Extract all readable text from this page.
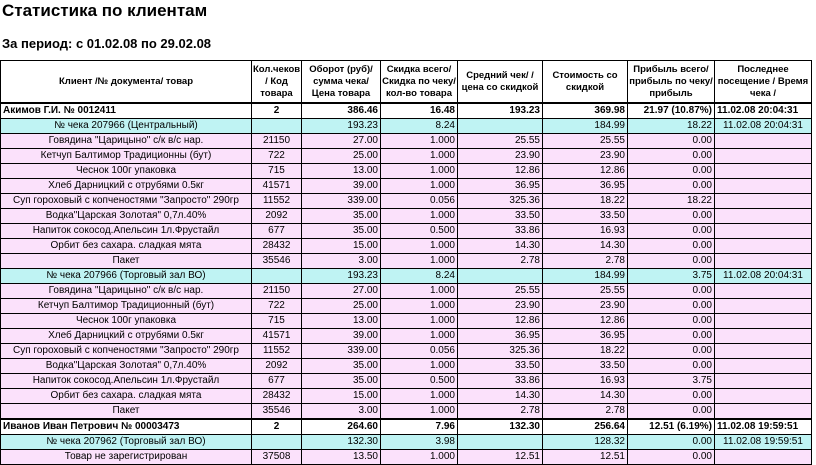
Статистика по клиентам
За период: с 01.02.08 по 29.02.08
Клиент /№ документа/ товар	Кол.чеков / Код товара	Оборот (руб)/ сумма чека/ Цена товара	Скидка всего/ Скидка по чеку/ кол-во товара	Средний чек/ / цена со скидкой	Стоимость со скидкой	Прибыль всего/ прибыль по чеку/ прибыль	Последнее посещение / Время чека /
Акимов Г.И. № 0012411	2	386.46	16.48	193.23	369.98	21.97 (10.87%)	11.02.08 20:04:31
№ чека 207966 (Центральный)		193.23	8.24		184.99	18.22	11.02.08 20:04:31
Говядина "Царицыно" с/к в/с нар.	21150	27.00	1.000	25.55	25.55	0.00	
Кетчуп Балтимор Традиционны (бут)	722	25.00	1.000	23.90	23.90	0.00	
Чеснок 100г упаковка	715	13.00	1.000	12.86	12.86	0.00	
Хлеб Дарницкий с отрубями 0.5кг	41571	39.00	1.000	36.95	36.95	0.00	
Суп гороховый с копченостями "Запросто" 290гр	11552	339.00	0.056	325.36	18.22	18.22	
Водка"Царская Золотая" 0,7л.40%	2092	35.00	1.000	33.50	33.50	0.00	
Напиток сокосод.Апельсин 1л.Фрустайл	677	35.00	0.500	33.86	16.93	0.00	
Орбит без сахара. сладкая мята	28432	15.00	1.000	14.30	14.30	0.00	
Пакет	35546	3.00	1.000	2.78	2.78	0.00	
№ чека 207966 (Торговый зал ВО)		193.23	8.24		184.99	3.75	11.02.08 20:04:31
Говядина "Царицыно" с/к в/с нар.	21150	27.00	1.000	25.55	25.55	0.00	
Кетчуп Балтимор Традиционный (бут)	722	25.00	1.000	23.90	23.90	0.00	
Чеснок 100г упаковка	715	13.00	1.000	12.86	12.86	0.00	
Хлеб Дарницкий с отрубями 0.5кг	41571	39.00	1.000	36.95	36.95	0.00	
Суп гороховый с копченостями "Запросто" 290гр	11552	339.00	0.056	325.36	18.22	0.00	
Водка"Царская Золотая" 0,7л.40%	2092	35.00	1.000	33.50	33.50	0.00	
Напиток сокосод.Апельсин 1л.Фрустайл	677	35.00	0.500	33.86	16.93	3.75	
Орбит без сахара. сладкая мята	28432	15.00	1.000	14.30	14.30	0.00	
Пакет	35546	3.00	1.000	2.78	2.78	0.00	
Иванов Иван Петрович № 00003473	2	264.60	7.96	132.30	256.64	12.51 (6.19%)	11.02.08 19:59:51
№ чека 207962 (Торговый зал ВО)		132.30	3.98		128.32	0.00	11.02.08 19:59:51
Товар не зарегистрирован	37508	13.50	1.000	12.51	12.51	0.00	
